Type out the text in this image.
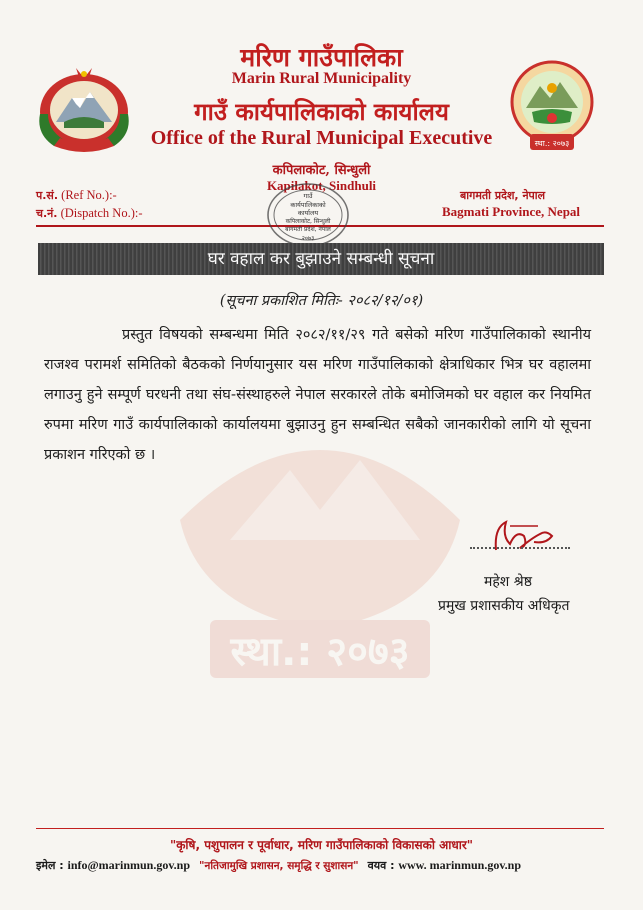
स्था.: २०७३
स्था.: २०७३
मरिण गाउँपालिका
Marin Rural Municipality
गाउँ कार्यपालिकाको कार्यालय
Office of the Rural Municipal Executive
कपिलाकोट, सिन्धुली
Kapilakot, Sindhuli
प.सं. (Ref No.):-
च.नं. (Dispatch No.):-
बागमती प्रदेश, नेपाल
Bagmati Province, Nepal
गाउँ
कार्यपालिकाको
कार्यालय
कपिलाकोट, सिन्धुली
बागमती प्रदेश, नेपाल
२०७३
घर वहाल कर बुझाउने सम्बन्धी सूचना
(सूचना प्रकाशित मितिः- २०८२/१२/०१)

प्रस्तुत विषयको सम्बन्धमा मिति २०८२/११/२९ गते बसेको मरिण गाउँपालिकाको स्थानीय राजश्व परामर्श समितिको बैठकको निर्णयानुसार यस मरिण गाउँपालिकाको क्षेत्राधिकार भित्र घर वहालमा लगाउनु हुने सम्पूर्ण घरधनी तथा संघ-संस्थाहरुले नेपाल सरकारले तोके बमोजिमको घर वहाल कर नियमित रुपमा मरिण गाउँ कार्यपालिकाको कार्यालयमा बुझाउनु हुन सम्बन्धित सबैको जानकारीको लागि यो सूचना प्रकाशन गरिएको छ ।

महेश श्रेष्ठ
प्रमुख प्रशासकीय अधिकृत
"कृषि, पशुपालन र पूर्वाधार, मरिण गाउँपालिकाको विकासको आधार"
इमेल : info@marinmun.gov.np "नतिजामुखि प्रशासन, समृद्धि र सुशासन" वयव : www. marinmun.gov.np
